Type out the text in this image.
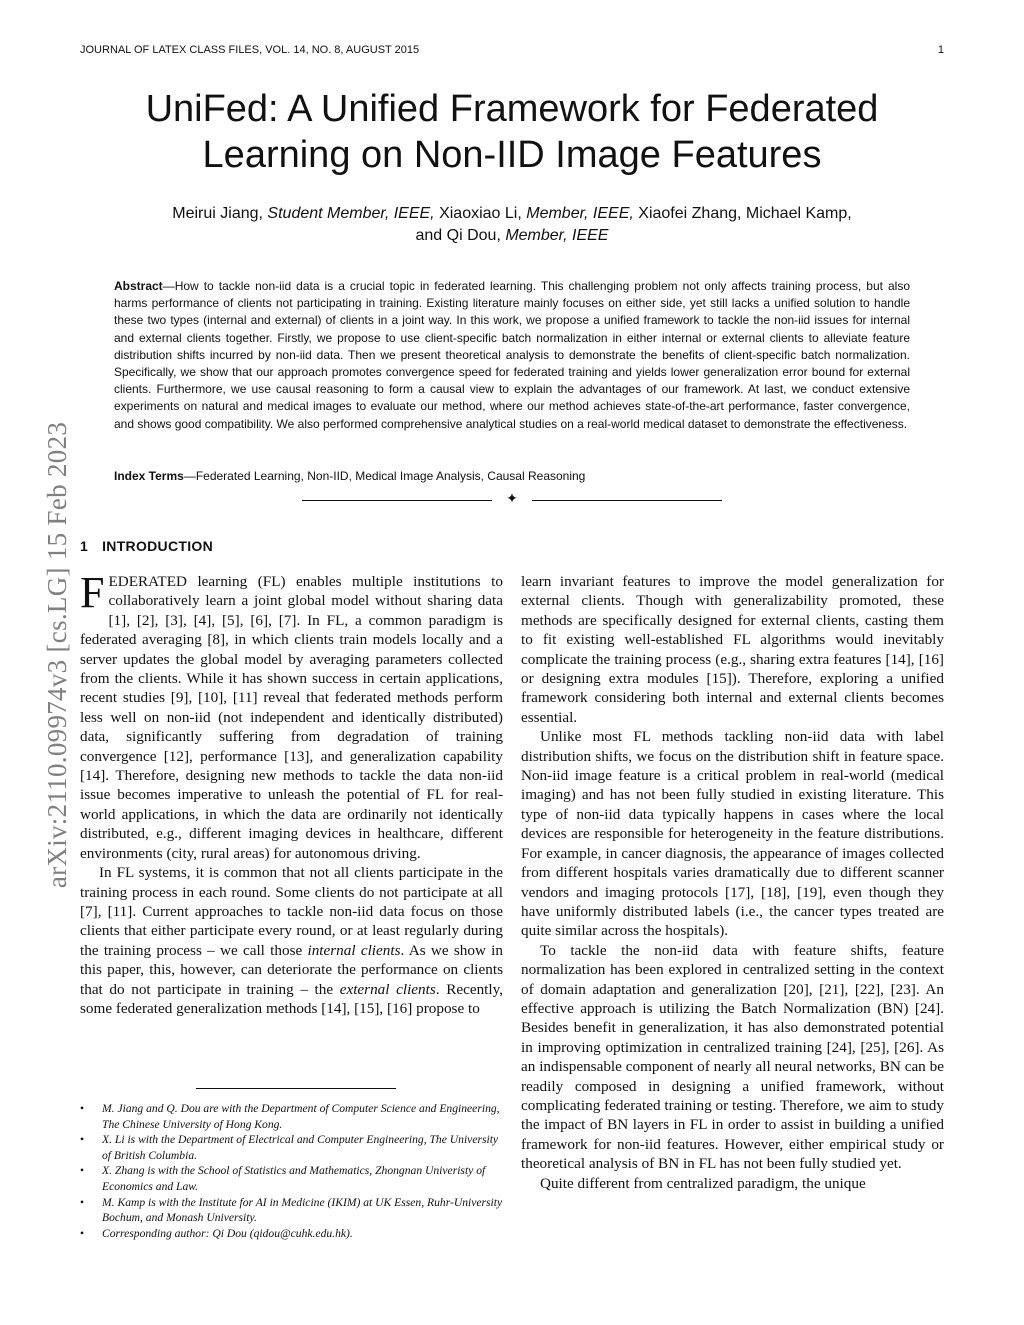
JOURNAL OF LATEX CLASS FILES, VOL. 14, NO. 8, AUGUST 2015	1
arXiv:2110.09974v3 [cs.LG] 15 Feb 2023
UniFed: A Unified Framework for Federated
Learning on Non-IID Image Features
Meirui Jiang, Student Member, IEEE, Xiaoxiao Li, Member, IEEE, Xiaofei Zhang, Michael Kamp,
and Qi Dou, Member, IEEE
Abstract—How to tackle non-iid data is a crucial topic in federated learning. This challenging problem not only affects training process, but also harms performance of clients not participating in training. Existing literature mainly focuses on either side, yet still lacks a unified solution to handle these two types (internal and external) of clients in a joint way. In this work, we propose a unified framework to tackle the non-iid issues for internal and external clients together. Firstly, we propose to use client-specific batch normalization in either internal or external clients to alleviate feature distribution shifts incurred by non-iid data. Then we present theoretical analysis to demonstrate the benefits of client-specific batch normalization. Specifically, we show that our approach promotes convergence speed for federated training and yields lower generalization error bound for external clients. Furthermore, we use causal reasoning to form a causal view to explain the advantages of our framework. At last, we conduct extensive experiments on natural and medical images to evaluate our method, where our method achieves state-of-the-art performance, faster convergence, and shows good compatibility. We also performed comprehensive analytical studies on a real-world medical dataset to demonstrate the effectiveness.
Index Terms—Federated Learning, Non-IID, Medical Image Analysis, Causal Reasoning
✦
1 INTRODUCTION

FEDERATED learning (FL) enables multiple institutions to collaboratively learn a joint global model without sharing data [1], [2], [3], [4], [5], [6], [7]. In FL, a common paradigm is federated averaging [8], in which clients train models locally and a server updates the global model by averaging parameters collected from the clients. While it has shown success in certain applications, recent studies [9], [10], [11] reveal that federated methods perform less well on non-iid (not independent and identically distributed) data, significantly suffering from degradation of training convergence [12], performance [13], and generalization capability [14]. Therefore, designing new methods to tackle the data non-iid issue becomes imperative to unleash the potential of FL for real-world applications, in which the data are ordinarily not identically distributed, e.g., different imaging devices in healthcare, different environments (city, rural areas) for autonomous driving.

In FL systems, it is common that not all clients participate in the training process in each round. Some clients do not participate at all [7], [11]. Current approaches to tackle non-iid data focus on those clients that either participate every round, or at least regularly during the training process – we call those internal clients. As we show in this paper, this, however, can deteriorate the performance on clients that do not participate in training – the external clients. Recently, some federated generalization methods [14], [15], [16] propose to

• M. Jiang and Q. Dou are with the Department of Computer Science and Engineering, The Chinese University of Hong Kong.
• X. Li is with the Department of Electrical and Computer Engineering, The University of British Columbia.
• X. Zhang is with the School of Statistics and Mathematics, Zhongnan Univeristy of Economics and Law.
• M. Kamp is with the Institute for AI in Medicine (IKIM) at UK Essen, Ruhr-University Bochum, and Monash University.
• Corresponding author: Qi Dou (qidou@cuhk.edu.hk).

learn invariant features to improve the model generalization for external clients. Though with generalizability promoted, these methods are specifically designed for external clients, casting them to fit existing well-established FL algorithms would inevitably complicate the training process (e.g., sharing extra features [14], [16] or designing extra modules [15]). Therefore, exploring a unified framework considering both internal and external clients becomes essential.

Unlike most FL methods tackling non-iid data with label distribution shifts, we focus on the distribution shift in feature space. Non-iid image feature is a critical problem in real-world (medical imaging) and has not been fully studied in existing literature. This type of non-iid data typically happens in cases where the local devices are responsible for heterogeneity in the feature distributions. For example, in cancer diagnosis, the appearance of images collected from different hospitals varies dramatically due to different scanner vendors and imaging protocols [17], [18], [19], even though they have uniformly distributed labels (i.e., the cancer types treated are quite similar across the hospitals).

To tackle the non-iid data with feature shifts, feature normalization has been explored in centralized setting in the context of domain adaptation and generalization [20], [21], [22], [23]. An effective approach is utilizing the Batch Normalization (BN) [24]. Besides benefit in generalization, it has also demonstrated potential in improving optimization in centralized training [24], [25], [26]. As an indispensable component of nearly all neural networks, BN can be readily composed in designing a unified framework, without complicating federated training or testing. Therefore, we aim to study the impact of BN layers in FL in order to assist in building a unified framework for non-iid features. However, either empirical study or theoretical analysis of BN in FL has not been fully studied yet.

Quite different from centralized paradigm, the unique
